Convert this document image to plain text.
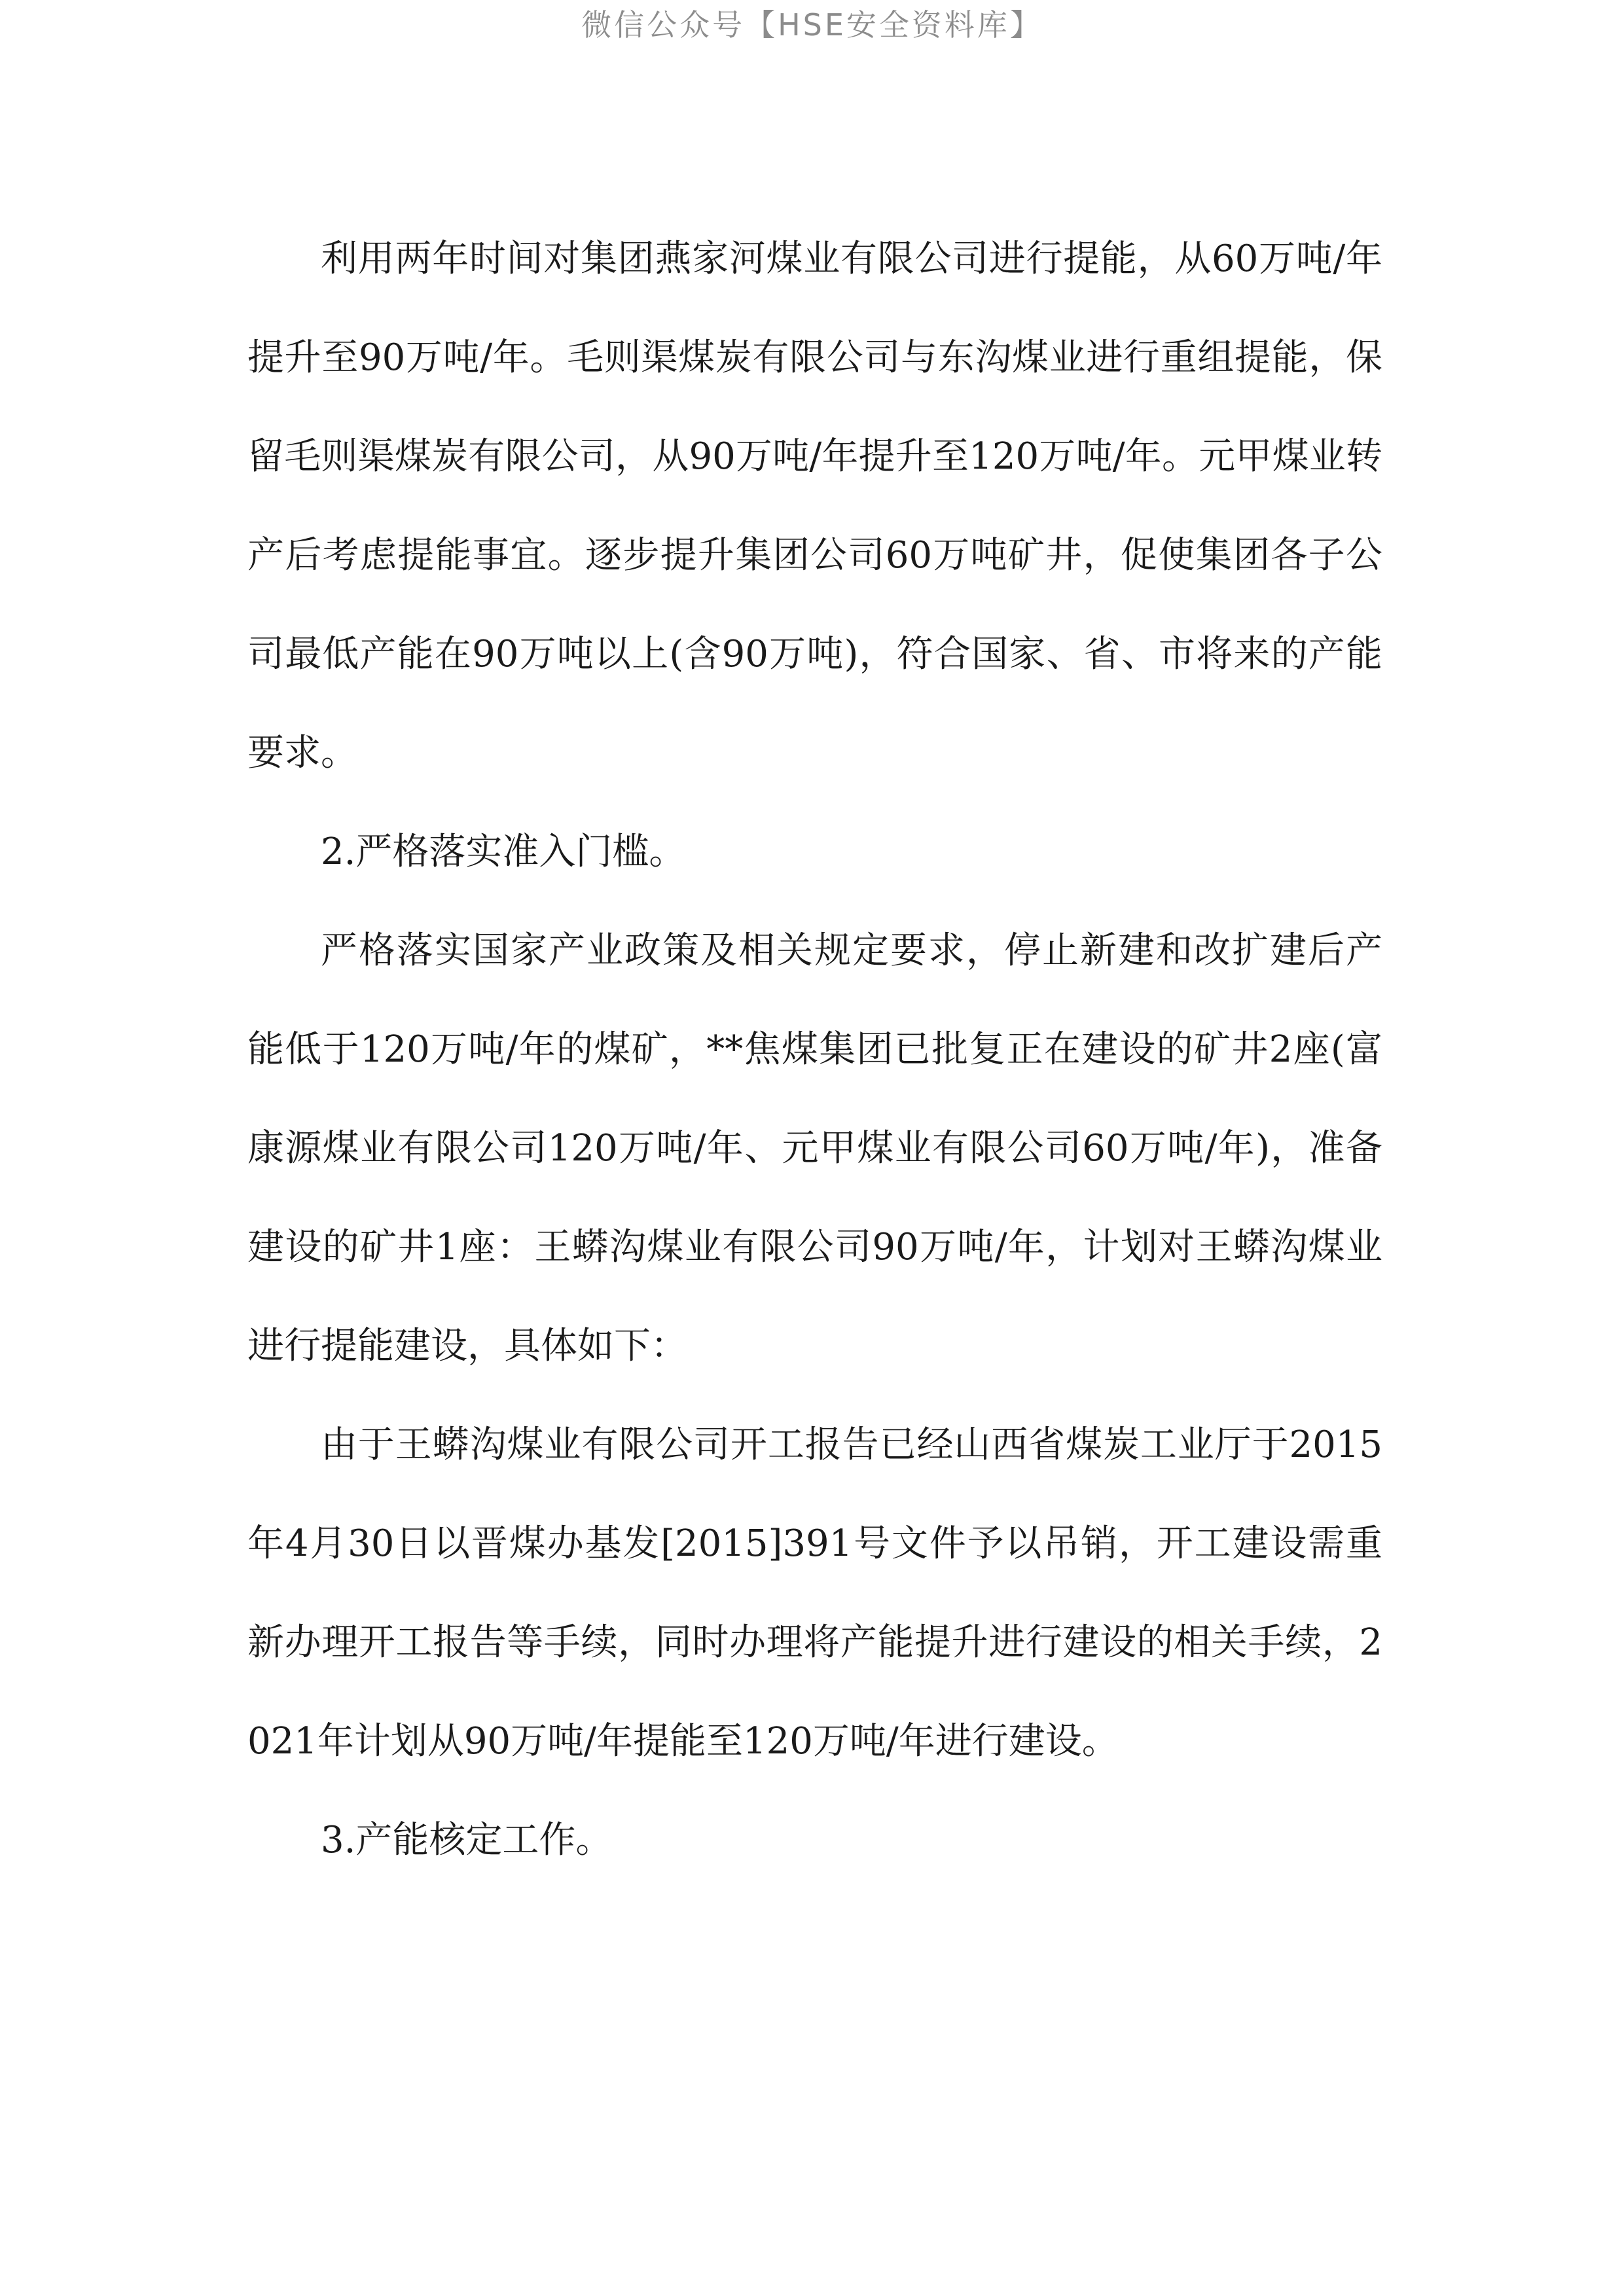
微信公众号【HSE安全资料库】

利用两年时间对集团燕家河煤业有限公司进行提能，从60万吨/年提升至90万吨/年。毛则渠煤炭有限公司与东沟煤业进行重组提能，保留毛则渠煤炭有限公司，从90万吨/年提升至120万吨/年。元甲煤业转产后考虑提能事宜。逐步提升集团公司60万吨矿井，促使集团各子公司最低产能在90万吨以上(含90万吨)，符合国家、省、市将来的产能要求。

2.严格落实准入门槛。

严格落实国家产业政策及相关规定要求，停止新建和改扩建后产能低于120万吨/年的煤矿，**焦煤集团已批复正在建设的矿井2座(富康源煤业有限公司120万吨/年、元甲煤业有限公司60万吨/年)，准备建设的矿井1座：王蟒沟煤业有限公司90万吨/年，计划对王蟒沟煤业进行提能建设，具体如下：

由于王蟒沟煤业有限公司开工报告已经山西省煤炭工业厅于2015年4月30日以晋煤办基发[2015]391号文件予以吊销，开工建设需重新办理开工报告等手续，同时办理将产能提升进行建设的相关手续，2021年计划从90万吨/年提能至120万吨/年进行建设。

3.产能核定工作。
